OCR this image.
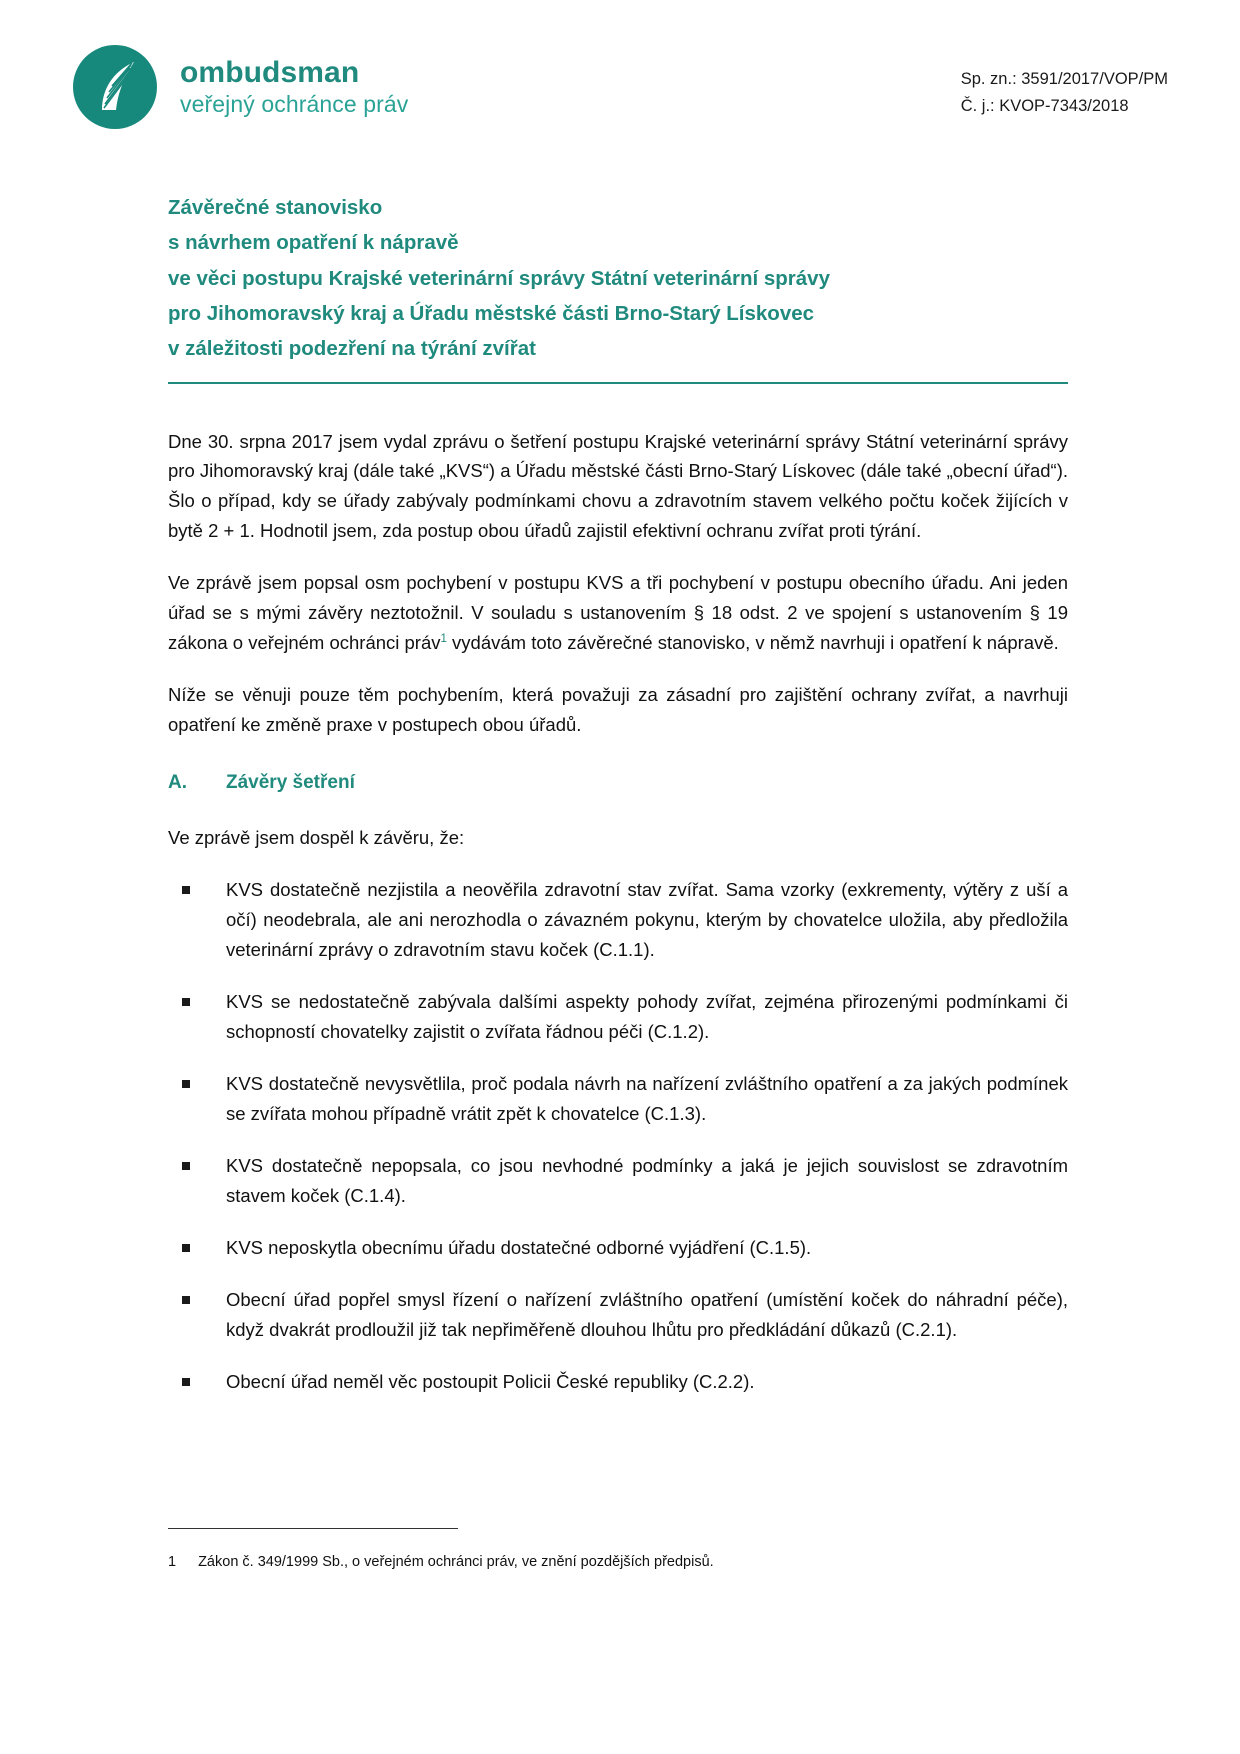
ombudsman
veřejný ochránce práv
Sp. zn.: 3591/2017/VOP/PM
Č. j.: KVOP-7343/2018
Závěrečné stanovisko
s návrhem opatření k nápravě
ve věci postupu Krajské veterinární správy Státní veterinární správy
pro Jihomoravský kraj a Úřadu městské části Brno-Starý Lískovec
v záležitosti podezření na týrání zvířat

Dne 30. srpna 2017 jsem vydal zprávu o šetření postupu Krajské veterinární správy Státní veterinární správy pro Jihomoravský kraj (dále také „KVS“) a Úřadu městské části Brno-Starý Lískovec (dále také „obecní úřad“). Šlo o případ, kdy se úřady zabývaly podmínkami chovu a zdravotním stavem velkého počtu koček žijících v bytě 2 + 1. Hodnotil jsem, zda postup obou úřadů zajistil efektivní ochranu zvířat proti týrání.

Ve zprávě jsem popsal osm pochybení v postupu KVS a tři pochybení v postupu obecního úřadu. Ani jeden úřad se s mými závěry neztotožnil. V souladu s ustanovením § 18 odst. 2 ve spojení s ustanovením § 19 zákona o veřejném ochránci práv$^1$ vydávám toto závěrečné stanovisko, v němž navrhuji i opatření k nápravě.

Níže se věnuji pouze těm pochybením, která považuji za zásadní pro zajištění ochrany zvířat, a navrhuji opatření ke změně praxe v postupech obou úřadů.

A.	Závěry šetření

Ve zprávě jsem dospěl k závěru, že:

KVS dostatečně nezjistila a neověřila zdravotní stav zvířat. Sama vzorky (exkrementy, výtěry z uší a očí) neodebrala, ale ani nerozhodla o závazném pokynu, kterým by chovatelce uložila, aby předložila veterinární zprávy o zdravotním stavu koček (C.1.1).
KVS se nedostatečně zabývala dalšími aspekty pohody zvířat, zejména přirozenými podmínkami či schopností chovatelky zajistit o zvířata řádnou péči (C.1.2).
KVS dostatečně nevysvětlila, proč podala návrh na nařízení zvláštního opatření a za jakých podmínek se zvířata mohou případně vrátit zpět k chovatelce (C.1.3).
KVS dostatečně nepopsala, co jsou nevhodné podmínky a jaká je jejich souvislost se zdravotním stavem koček (C.1.4).
KVS neposkytla obecnímu úřadu dostatečné odborné vyjádření (C.1.5).
Obecní úřad popřel smysl řízení o nařízení zvláštního opatření (umístění koček do náhradní péče), když dvakrát prodloužil již tak nepřiměřeně dlouhou lhůtu pro předkládání důkazů (C.2.1).
Obecní úřad neměl věc postoupit Policii České republiky (C.2.2).
1 Zákon č. 349/1999 Sb., o veřejném ochránci práv, ve znění pozdějších předpisů.
